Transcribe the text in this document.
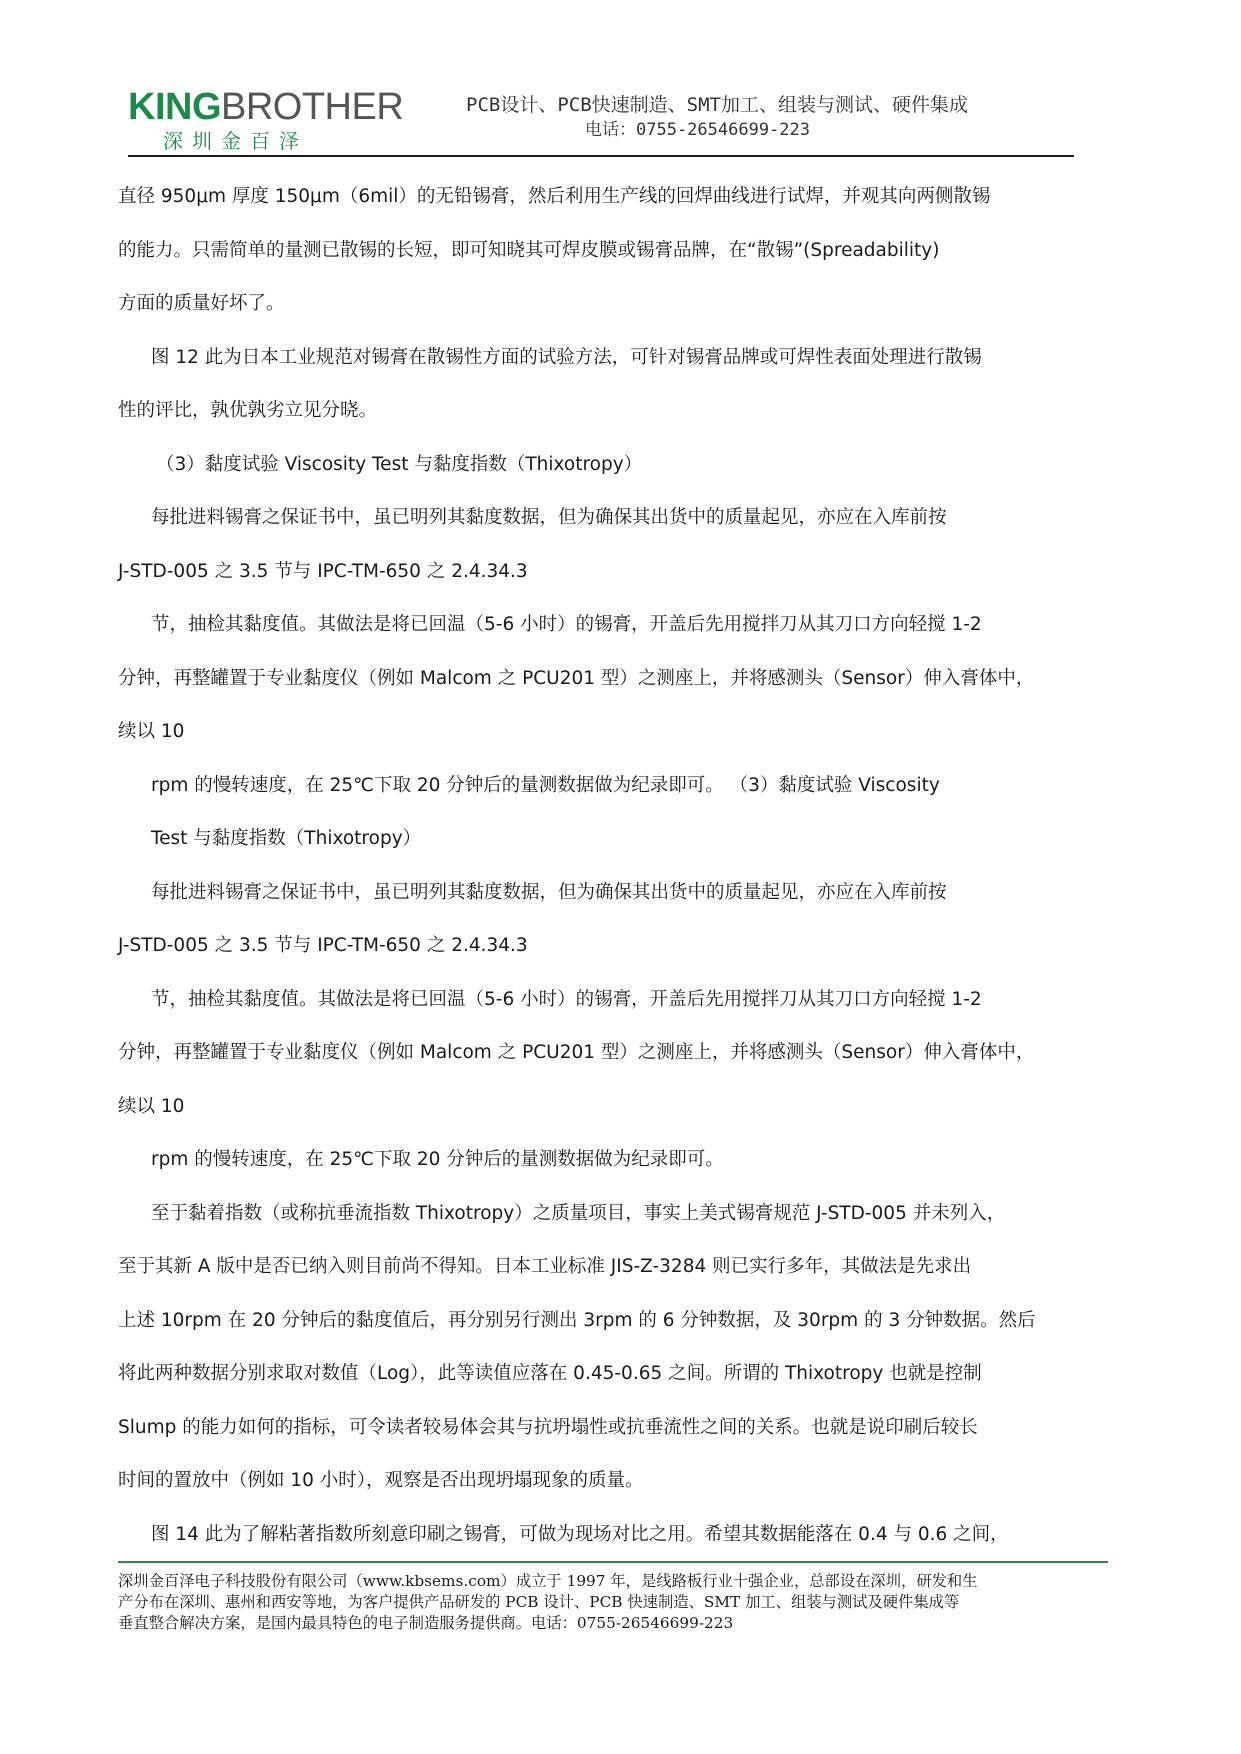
KINGBROTHER
深圳金百泽
PCB设计、PCB快速制造、SMT加工、组装与测试、硬件集成
电话：0755-26546699-223

直径 950μm 厚度 150μm（6mil）的无铅锡膏，然后利用生产线的回焊曲线进行试焊，并观其向两侧散锡

的能力。只需简单的量测已散锡的长短，即可知晓其可焊皮膜或锡膏品牌，在“散锡”(Spreadability)

方面的质量好坏了。

图 12 此为日本工业规范对锡膏在散锡性方面的试验方法，可针对锡膏品牌或可焊性表面处理进行散锡

性的评比，孰优孰劣立见分晓。

（3）黏度试验 Viscosity Test 与黏度指数（Thixotropy）

每批进料锡膏之保证书中，虽已明列其黏度数据，但为确保其出货中的质量起见，亦应在入库前按

J-STD-005 之 3.5 节与 IPC-TM-650 之 2.4.34.3

节，抽检其黏度值。其做法是将已回温（5-6 小时）的锡膏，开盖后先用搅拌刀从其刀口方向轻搅 1-2

分钟，再整罐置于专业黏度仪（例如 Malcom 之 PCU201 型）之测座上，并将感测头（Sensor）伸入膏体中，

续以 10

rpm 的慢转速度，在 25℃下取 20 分钟后的量测数据做为纪录即可。 （3）黏度试验 Viscosity

Test 与黏度指数（Thixotropy）

每批进料锡膏之保证书中，虽已明列其黏度数据，但为确保其出货中的质量起见，亦应在入库前按

J-STD-005 之 3.5 节与 IPC-TM-650 之 2.4.34.3

节，抽检其黏度值。其做法是将已回温（5-6 小时）的锡膏，开盖后先用搅拌刀从其刀口方向轻搅 1-2

分钟，再整罐置于专业黏度仪（例如 Malcom 之 PCU201 型）之测座上，并将感测头（Sensor）伸入膏体中，

续以 10

rpm 的慢转速度，在 25℃下取 20 分钟后的量测数据做为纪录即可。

至于黏着指数（或称抗垂流指数 Thixotropy）之质量项目，事实上美式锡膏规范 J-STD-005 并未列入，

至于其新 A 版中是否已纳入则目前尚不得知。日本工业标准 JIS-Z-3284 则已实行多年，其做法是先求出

上述 10rpm 在 20 分钟后的黏度值后，再分别另行测出 3rpm 的 6 分钟数据，及 30rpm 的 3 分钟数据。然后

将此两种数据分别求取对数值（Log），此等读值应落在 0.45-0.65 之间。所谓的 Thixotropy 也就是控制

Slump 的能力如何的指标，可令读者较易体会其与抗坍塌性或抗垂流性之间的关系。也就是说印刷后较长

时间的置放中（例如 10 小时），观察是否出现坍塌现象的质量。

图 14 此为了解粘著指数所刻意印刷之锡膏，可做为现场对比之用。希望其数据能落在 0.4 与 0.6 之间，

深圳金百泽电子科技股份有限公司（www.kbsems.com）成立于 1997 年，是线路板行业十强企业，总部设在深圳，研发和生

产分布在深圳、惠州和西安等地，为客户提供产品研发的 PCB 设计、PCB 快速制造、SMT 加工、组装与测试及硬件集成等

垂直整合解决方案，是国内最具特色的电子制造服务提供商。电话：0755-26546699-223
